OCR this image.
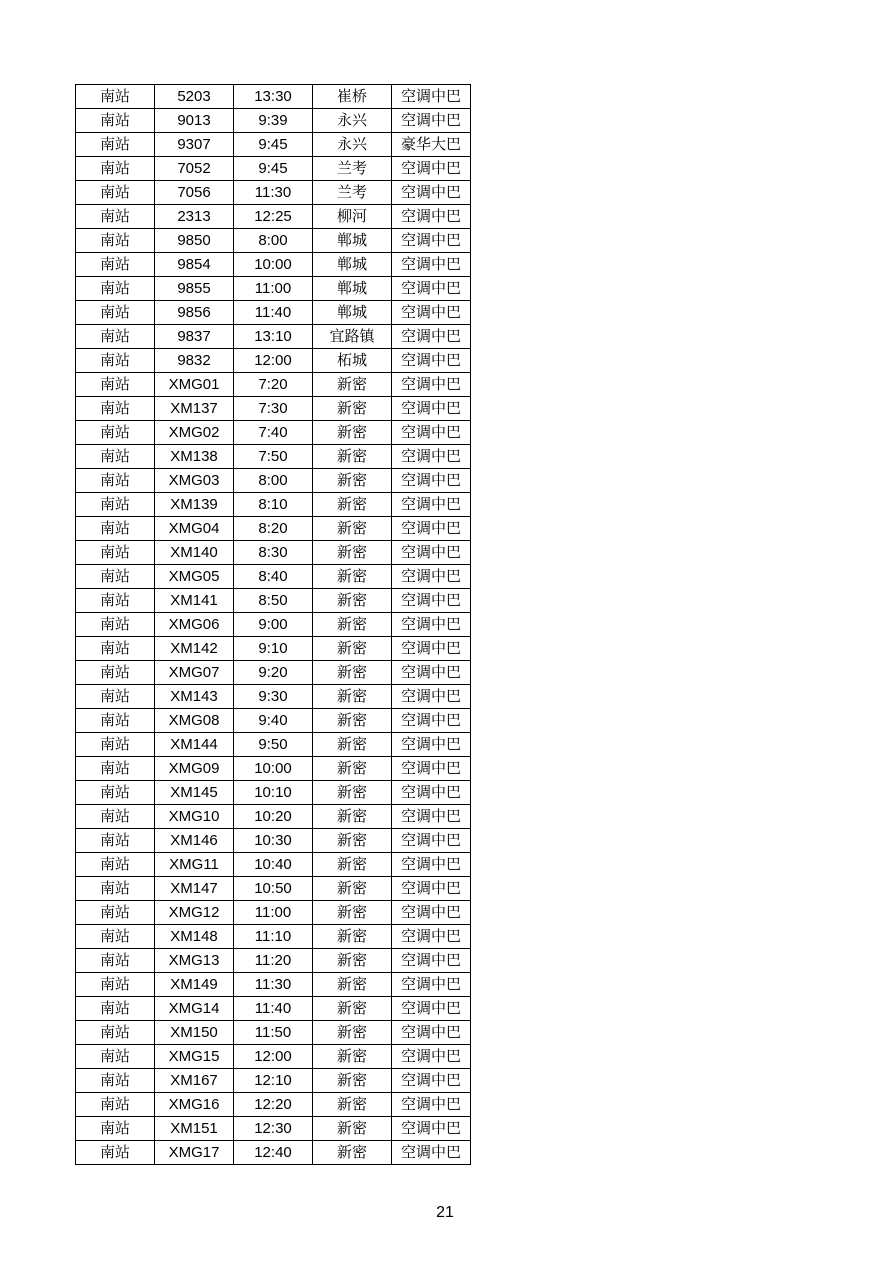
南站	5203	13:30	崔桥	空调中巴
南站	9013	9:39	永兴	空调中巴
南站	9307	9:45	永兴	豪华大巴
南站	7052	9:45	兰考	空调中巴
南站	7056	11:30	兰考	空调中巴
南站	2313	12:25	柳河	空调中巴
南站	9850	8:00	郸城	空调中巴
南站	9854	10:00	郸城	空调中巴
南站	9855	11:00	郸城	空调中巴
南站	9856	11:40	郸城	空调中巴
南站	9837	13:10	宜路镇	空调中巴
南站	9832	12:00	柘城	空调中巴
南站	XMG01	7:20	新密	空调中巴
南站	XM137	7:30	新密	空调中巴
南站	XMG02	7:40	新密	空调中巴
南站	XM138	7:50	新密	空调中巴
南站	XMG03	8:00	新密	空调中巴
南站	XM139	8:10	新密	空调中巴
南站	XMG04	8:20	新密	空调中巴
南站	XM140	8:30	新密	空调中巴
南站	XMG05	8:40	新密	空调中巴
南站	XM141	8:50	新密	空调中巴
南站	XMG06	9:00	新密	空调中巴
南站	XM142	9:10	新密	空调中巴
南站	XMG07	9:20	新密	空调中巴
南站	XM143	9:30	新密	空调中巴
南站	XMG08	9:40	新密	空调中巴
南站	XM144	9:50	新密	空调中巴
南站	XMG09	10:00	新密	空调中巴
南站	XM145	10:10	新密	空调中巴
南站	XMG10	10:20	新密	空调中巴
南站	XM146	10:30	新密	空调中巴
南站	XMG11	10:40	新密	空调中巴
南站	XM147	10:50	新密	空调中巴
南站	XMG12	11:00	新密	空调中巴
南站	XM148	11:10	新密	空调中巴
南站	XMG13	11:20	新密	空调中巴
南站	XM149	11:30	新密	空调中巴
南站	XMG14	11:40	新密	空调中巴
南站	XM150	11:50	新密	空调中巴
南站	XMG15	12:00	新密	空调中巴
南站	XM167	12:10	新密	空调中巴
南站	XMG16	12:20	新密	空调中巴
南站	XM151	12:30	新密	空调中巴
南站	XMG17	12:40	新密	空调中巴
21
